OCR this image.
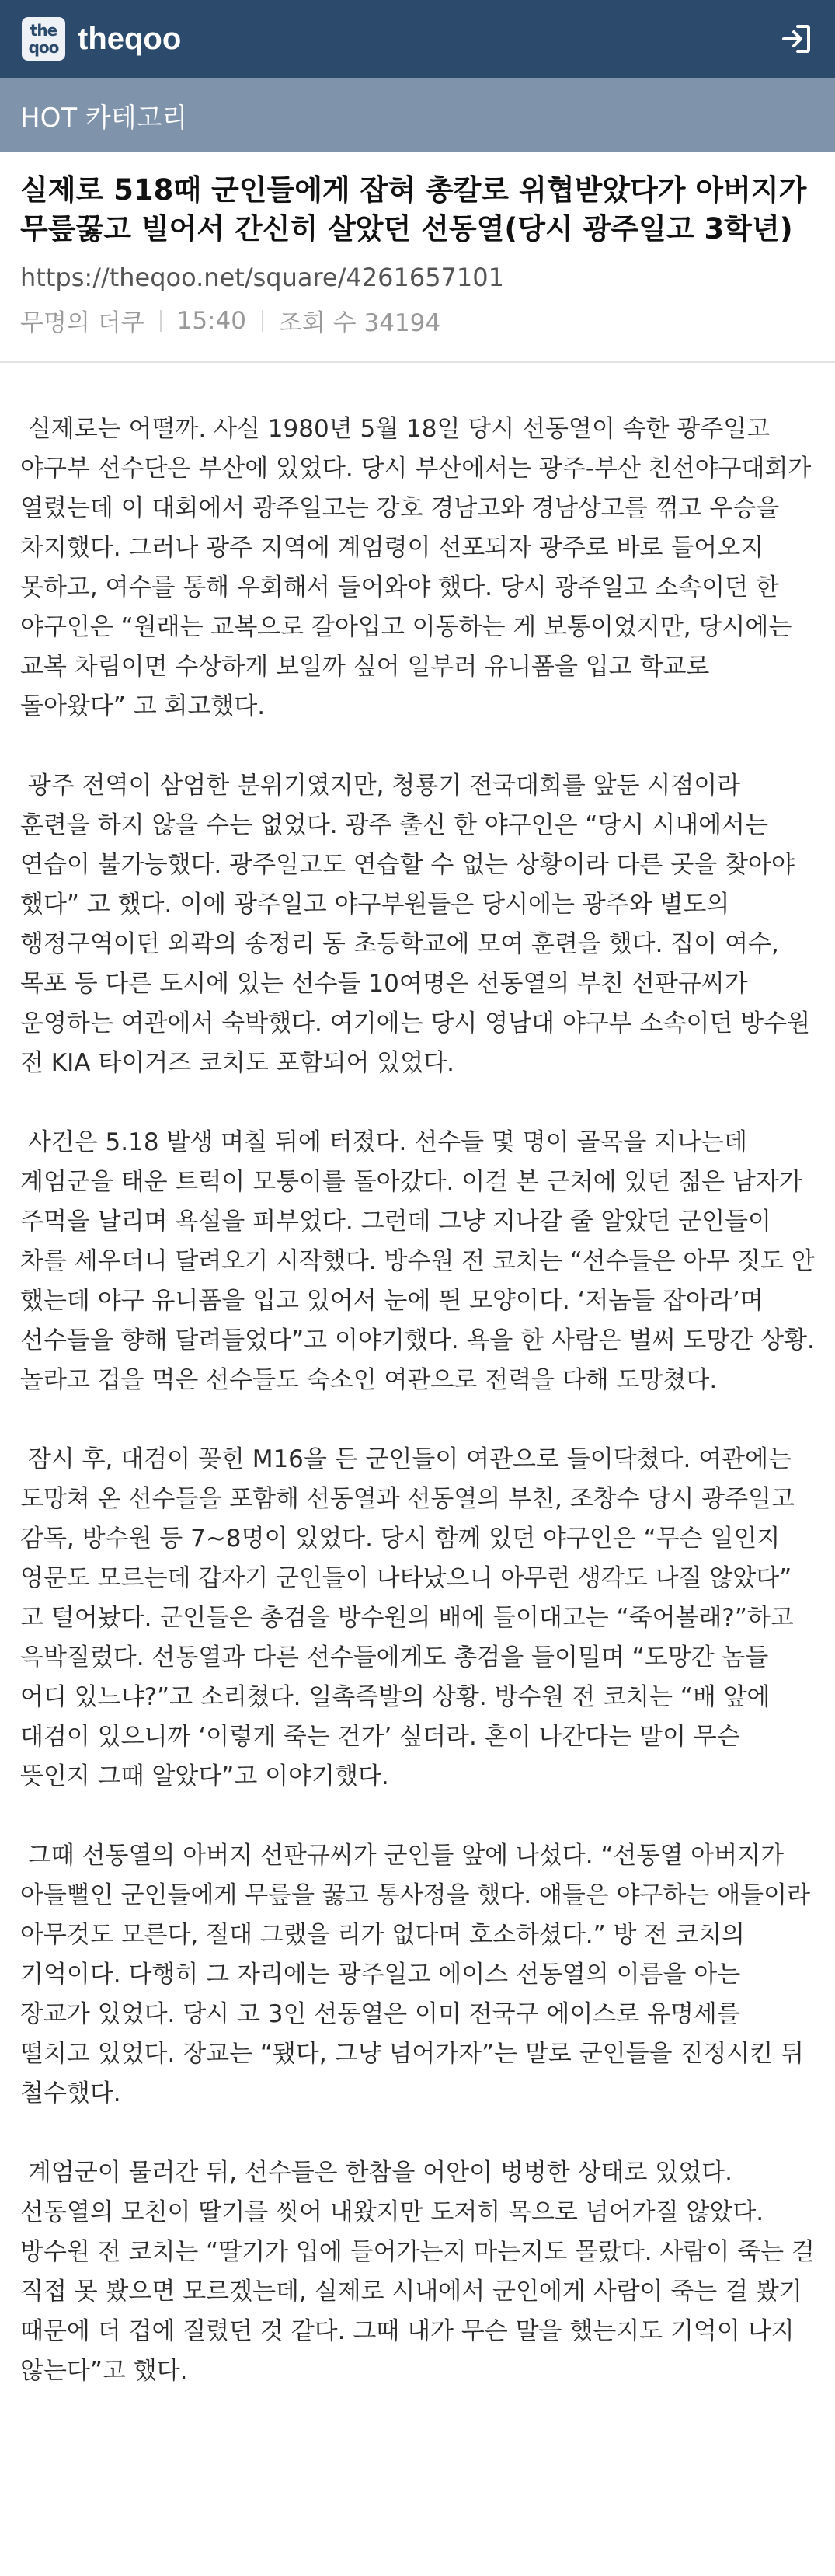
the
qoo theqoo
HOT 카테고리
실제로 518때 군인들에게 잡혀 총칼로 위협받았다가 아버지가 무릎꿇고 빌어서 간신히 살았던 선동열(당시 광주일고 3학년)
https://theqoo.net/square/4261657101
무명의 더쿠 15:40 조회 수 34194

실제로는 어떨까. 사실 1980년 5월 18일 당시 선동열이 속한 광주일고 야구부 선수단은 부산에 있었다. 당시 부산에서는 광주-부산 친선야구대회가 열렸는데 이 대회에서 광주일고는 강호 경남고와 경남상고를 꺾고 우승을 차지했다. 그러나 광주 지역에 계엄령이 선포되자 광주로 바로 들어오지 못하고, 여수를 통해 우회해서 들어와야 했다. 당시 광주일고 소속이던 한 야구인은 “원래는 교복으로 갈아입고 이동하는 게 보통이었지만, 당시에는 교복 차림이면 수상하게 보일까 싶어 일부러 유니폼을 입고 학교로 돌아왔다” 고 회고했다.

광주 전역이 삼엄한 분위기였지만, 청룡기 전국대회를 앞둔 시점이라 훈련을 하지 않을 수는 없었다. 광주 출신 한 야구인은 “당시 시내에서는 연습이 불가능했다. 광주일고도 연습할 수 없는 상황이라 다른 곳을 찾아야 했다” 고 했다. 이에 광주일고 야구부원들은 당시에는 광주와 별도의 행정구역이던 외곽의 송정리 동 초등학교에 모여 훈련을 했다. 집이 여수, 목포 등 다른 도시에 있는 선수들 10여명은 선동열의 부친 선판규씨가 운영하는 여관에서 숙박했다. 여기에는 당시 영남대 야구부 소속이던 방수원 전 KIA 타이거즈 코치도 포함되어 있었다.

사건은 5.18 발생 며칠 뒤에 터졌다. 선수들 몇 명이 골목을 지나는데 계엄군을 태운 트럭이 모퉁이를 돌아갔다. 이걸 본 근처에 있던 젊은 남자가 주먹을 날리며 욕설을 퍼부었다. 그런데 그냥 지나갈 줄 알았던 군인들이 차를 세우더니 달려오기 시작했다. 방수원 전 코치는 “선수들은 아무 짓도 안 했는데 야구 유니폼을 입고 있어서 눈에 띈 모양이다. ‘저놈들 잡아라’며 선수들을 향해 달려들었다”고 이야기했다. 욕을 한 사람은 벌써 도망간 상황. 놀라고 겁을 먹은 선수들도 숙소인 여관으로 전력을 다해 도망쳤다.

잠시 후, 대검이 꽂힌 M16을 든 군인들이 여관으로 들이닥쳤다. 여관에는 도망쳐 온 선수들을 포함해 선동열과 선동열의 부친, 조창수 당시 광주일고 감독, 방수원 등 7~8명이 있었다. 당시 함께 있던 야구인은 “무슨 일인지 영문도 모르는데 갑자기 군인들이 나타났으니 아무런 생각도 나질 않았다” 고 털어놨다. 군인들은 총검을 방수원의 배에 들이대고는 “죽어볼래?”하고 윽박질렀다. 선동열과 다른 선수들에게도 총검을 들이밀며 “도망간 놈들 어디 있느냐?”고 소리쳤다. 일촉즉발의 상황. 방수원 전 코치는 “배 앞에 대검이 있으니까 ‘이렇게 죽는 건가’ 싶더라. 혼이 나간다는 말이 무슨 뜻인지 그때 알았다”고 이야기했다.

그때 선동열의 아버지 선판규씨가 군인들 앞에 나섰다. “선동열 아버지가 아들뻘인 군인들에게 무릎을 꿇고 통사정을 했다. 얘들은 야구하는 애들이라 아무것도 모른다, 절대 그랬을 리가 없다며 호소하셨다.” 방 전 코치의 기억이다. 다행히 그 자리에는 광주일고 에이스 선동열의 이름을 아는 장교가 있었다. 당시 고 3인 선동열은 이미 전국구 에이스로 유명세를 떨치고 있었다. 장교는 “됐다, 그냥 넘어가자”는 말로 군인들을 진정시킨 뒤 철수했다.

계엄군이 물러간 뒤, 선수들은 한참을 어안이 벙벙한 상태로 있었다. 선동열의 모친이 딸기를 씻어 내왔지만 도저히 목으로 넘어가질 않았다. 방수원 전 코치는 “딸기가 입에 들어가는지 마는지도 몰랐다. 사람이 죽는 걸 직접 못 봤으면 모르겠는데, 실제로 시내에서 군인에게 사람이 죽는 걸 봤기 때문에 더 겁에 질렸던 것 같다. 그때 내가 무슨 말을 했는지도 기억이 나지 않는다”고 했다.
